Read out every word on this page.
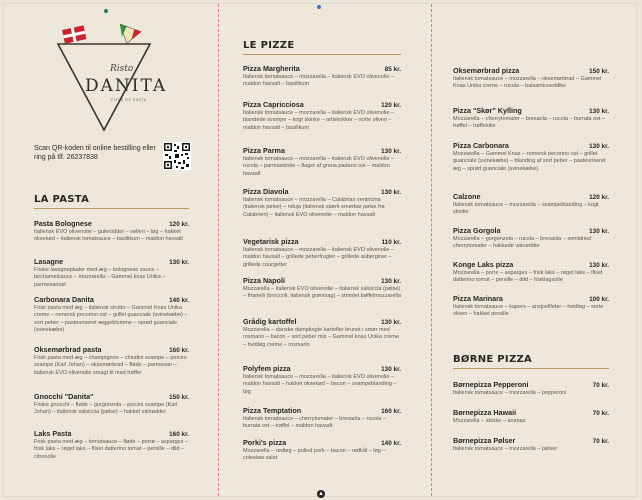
Risto
DANITA
PIZZA OG PASTA
Scan QR-koden til online bestilling eller ring på tlf. 26237838
LA PASTA
Pasta Bolognese	120 kr.
Italiensk EVO olivenolie – guleródder – selleri – løg – hakket oksekød – italiensk tomatsauce – basilikum – maldon havsalt
Lasagne	130 kr.
Friske lasagneplader med æg – bolognese sauce – bechamelsauce – mozzarella – Gammel knas Unika – parmesanost
Carbonara Danita	140 kr.
Frisk pasta med æg – italiensk strutto – Gammel Knas Unika creme – romersk pecorino ost – grillet guanciale (svinekæbe) – sort peber – pasteuriseret æggeblomme – sprød guanciale (svinekæbe)
Oksemørbrad pasta	160 kr.
Frisk pasta med æg – champignon – chiudini svampe – porcini svampe (Karl Johan) – oksemørbrad – fløde – parmesan – italiensk EVO olivenolie smagt til med trøffer
Gnocchi "Danita"	150 kr.
Friske gnocchi – fløde – gorgonzola – porcini svampe (Karl Johan) – italiensk salsiccia (pølse) – hakket valnødder
Laks Pasta	160 kr.
Frisk pasta med æg – tomatsauce – fløde – porrø – asparges – frisk laks – røget laks – fliset datterino tomat – persille – dild – citronolie
LE PIZZE
Pizza Margherita	85 kr.
Italiensk tomatsauce – mozzarella – italiensk EVO olivenolie – maldon havsalt – basilikum
Pizza Capricciosa	120 kr.
Italiensk tomatsauce – mozzarella – italiensk EVO olivenolie – blandede svampe – kogt skinke – artiskokker – sorte oliven – maldon havsalt – basilikum
Pizza Parma	130 kr.
Italiensk tomatsauce – mozzarella – italiensk EVO olivenolie – rucola – parmaskinke – flager af grana padano ost – maldon havsalt
Pizza Diavola	130 kr.
Italiensk tomatsauce – mozzarella – Calabrian ventricina (italiensk pølse) – nduja (italiensk stærk smørbar pølse fra Calabrien) – italiensk EVO olivenolie – maldon havsalt
Vegetarisk pizza	110 kr.
Italiensk tomatsauce – mozzarella – italiensk EVO olivenolie – maldon havsalt – grillede peberfrugter – grillede auberginer – grillede courgetter
Pizza Napoli	130 kr.
Mozzarella – italiensk EVO olivenolie – italiensk salsiccia (pølse) – friarielli (broccoli, italiensk grøntsag) – strimlet bøffelmozzarella
Grådig kartoffel	130 kr.
Mozzarella – danske dampkogte kartofler brunet i smør med rosmarin – bacon – sort peber mix – Gammel knas Unika creme – hvidløg creme – rosmarin
Polyfem pizza	130 kr.
Italiensk tomatsauce – mozzarella – italiensk EVO olivenolie – maldon havsalt – hakket oksekød – bacon – svampeblanding – løg
Pizza Temptation	160 kr.
Italiensk tomatsauce – cherrytomater – bresaola – rucola – burrata ost – trøffel – maldon havsalt
Porki's pizza	140 kr.
Mozzarella – rødløg – pulled pork – bacon – rødkål – løg – coleslaw salat
Oksemørbrad pizza	150 kr.
Italiensk tomatsauce – mozzarella – oksemørbrad – Gammel Knas Unika creme – rucola – balsamicoeddike
Pizza "Skør" Kylling	130 kr.
Mozzarella – cherrytomater – bresaola – rucola – burrata ost – trøffel – trøffelolie
Pizza Carbonara	130 kr.
Mozzarella – Gammel Knas – romersk pecorino ost – grillet guanciale (svinekæbe) – blanding af sort peber – pasteuriseret æg – sprød guanciale (svinekæbe)
Calzone	120 kr.
Italiensk tomatsauce – mozzarella – svampeblanding – kogt skinke
Pizza Gorgola	130 kr.
Mozzarella – gorgonzola – rucola – bresaola – semidried cherrytomater – hakkede valnødder
Konge Laks pizza	130 kr.
Mozzarella – porre – asparges – frisk laks – røget laks – fliset datterino tomat – persille – dild – frisklagsolie
Pizza Marinara	100 kr.
Italiensk tomatsauce – kapers – ansjosfileter – hvidløg – sorte oliven – hakket persille
BØRNE PIZZA
Børnepizza Pepperoni	70 kr.
Italiensk tomatsauce – mozzarella – pepperoni
Børnepizza Hawaii	70 kr.
Mozzarella – skinke – ananas
Børnepizza Pølser	70 kr.
Italiensk tomatsauce – mozzarella – pølser
▲
